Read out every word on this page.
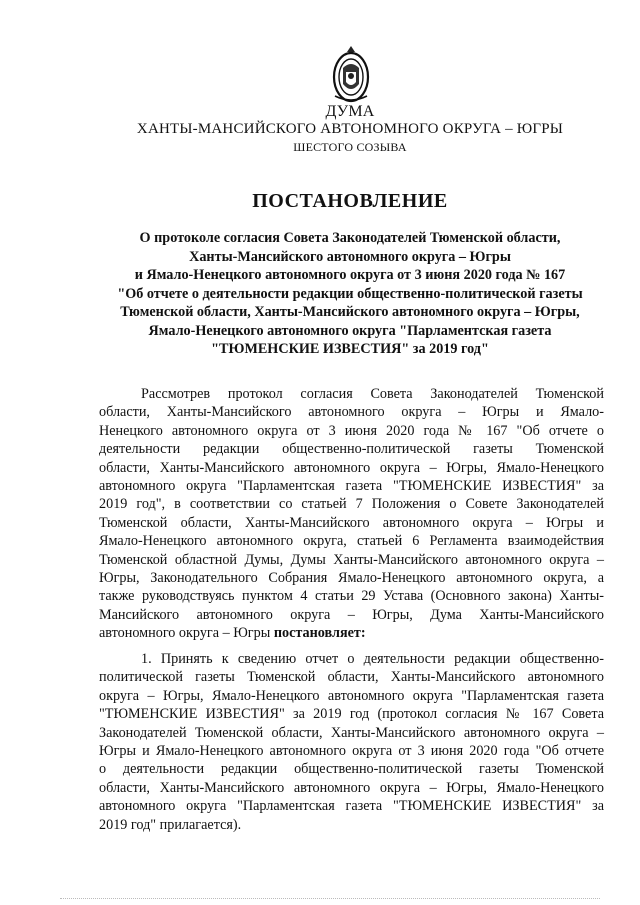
ДУМА
ХАНТЫ-МАНСИЙСКОГО АВТОНОМНОГО ОКРУГА – ЮГРЫ
ШЕСТОГО СОЗЫВА
ПОСТАНОВЛЕНИЕ
О протоколе согласия Совета Законодателей Тюменской области,
Ханты-Мансийского автономного округа – Югры
и Ямало-Ненецкого автономного округа от 3 июня 2020 года № 167
"Об отчете о деятельности редакции общественно-политической газеты
Тюменской области, Ханты-Мансийского автономного округа – Югры,
Ямало-Ненецкого автономного округа "Парламентская газета
"ТЮМЕНСКИЕ ИЗВЕСТИЯ" за 2019 год"
Рассмотрев протокол согласия Совета Законодателей Тюменской
области, Ханты-Мансийского автономного округа – Югры и Ямало-
Ненецкого автономного округа от 3 июня 2020 года № 167 "Об отчете о
деятельности редакции общественно-политической газеты Тюменской
области, Ханты-Мансийского автономного округа – Югры, Ямало-Ненецкого
автономного округа "Парламентская газета "ТЮМЕНСКИЕ ИЗВЕСТИЯ" за
2019 год", в соответствии со статьей 7 Положения о Совете Законодателей
Тюменской области, Ханты-Мансийского автономного округа – Югры и
Ямало-Ненецкого автономного округа, статьей 6 Регламента взаимодействия
Тюменской областной Думы, Думы Ханты-Мансийского автономного округа –
Югры, Законодательного Собрания Ямало-Ненецкого автономного округа, а
также руководствуясь пунктом 4 статьи 29 Устава (Основного закона) Ханты-
Мансийского автономного округа – Югры, Дума Ханты-Мансийского
автономного округа – Югры постановляет:
1. Принять к сведению отчет о деятельности редакции общественно-
политической газеты Тюменской области, Ханты-Мансийского автономного
округа – Югры, Ямало-Ненецкого автономного округа "Парламентская газета
"ТЮМЕНСКИЕ ИЗВЕСТИЯ" за 2019 год (протокол согласия № 167 Совета
Законодателей Тюменской области, Ханты-Мансийского автономного округа –
Югры и Ямало-Ненецкого автономного округа от 3 июня 2020 года "Об отчете
о деятельности редакции общественно-политической газеты Тюменской
области, Ханты-Мансийского автономного округа – Югры, Ямало-Ненецкого
автономного округа "Парламентская газета "ТЮМЕНСКИЕ ИЗВЕСТИЯ" за
2019 год" прилагается).
